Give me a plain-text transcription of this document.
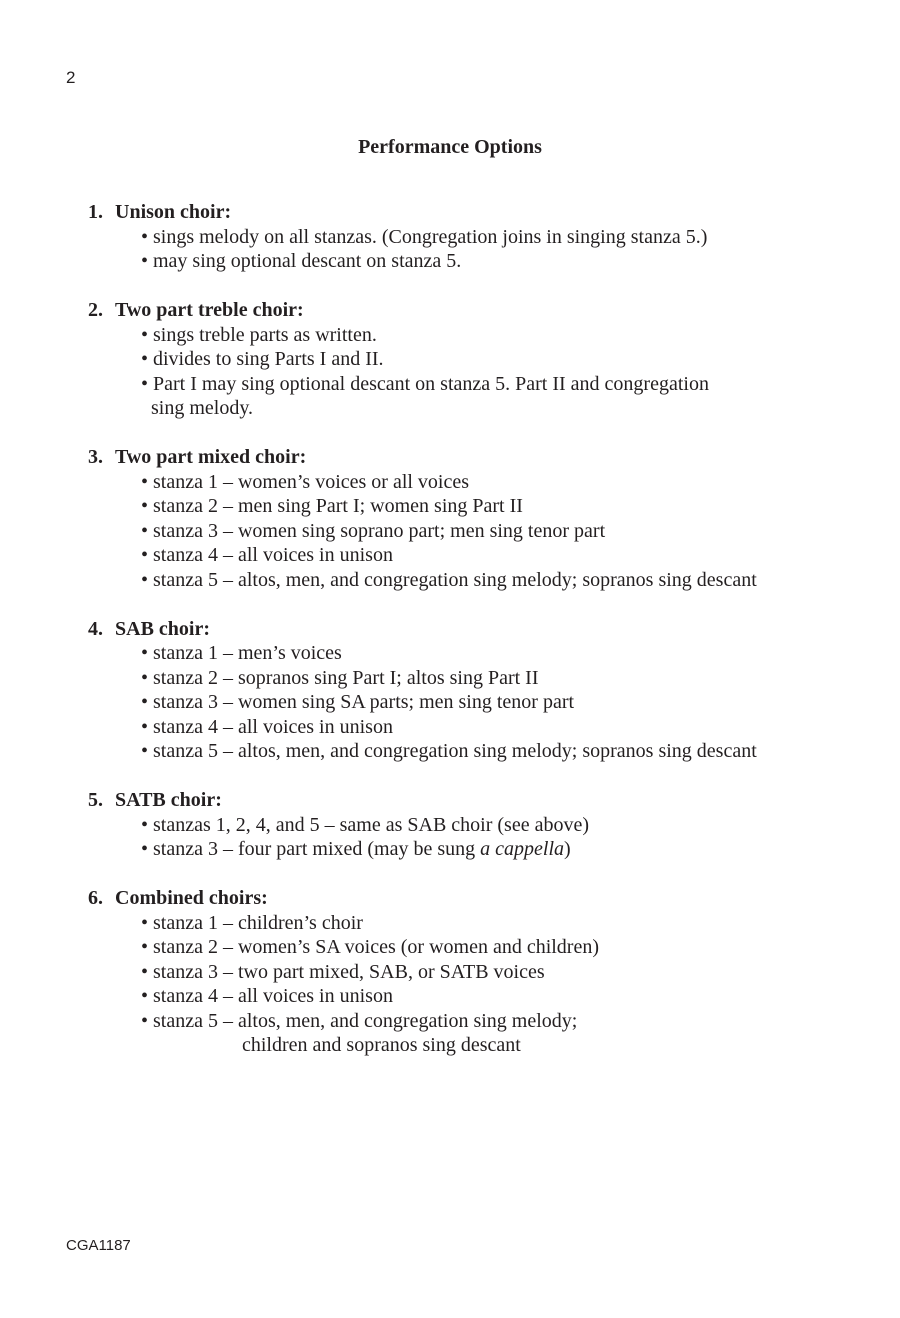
2
Performance Options
1. Unison choir:
• sings melody on all stanzas. (Congregation joins in singing stanza 5.)
• may sing optional descant on stanza 5.
2. Two part treble choir:
• sings treble parts as written.
• divides to sing Parts I and II.
• Part I may sing optional descant on stanza 5. Part II and congregation
sing melody.
3. Two part mixed choir:
• stanza 1 – women’s voices or all voices
• stanza 2 – men sing Part I; women sing Part II
• stanza 3 – women sing soprano part; men sing tenor part
• stanza 4 – all voices in unison
• stanza 5 – altos, men, and congregation sing melody; sopranos sing descant
4. SAB choir:
• stanza 1 – men’s voices
• stanza 2 – sopranos sing Part I; altos sing Part II
• stanza 3 – women sing SA parts; men sing tenor part
• stanza 4 – all voices in unison
• stanza 5 – altos, men, and congregation sing melody; sopranos sing descant
5. SATB choir:
• stanzas 1, 2, 4, and 5 – same as SAB choir (see above)
• stanza 3 – four part mixed (may be sung a cappella)
6. Combined choirs:
• stanza 1 – children’s choir
• stanza 2 – women’s SA voices (or women and children)
• stanza 3 – two part mixed, SAB, or SATB voices
• stanza 4 – all voices in unison
• stanza 5 – altos, men, and congregation sing melody;
children and sopranos sing descant
CGA1187
